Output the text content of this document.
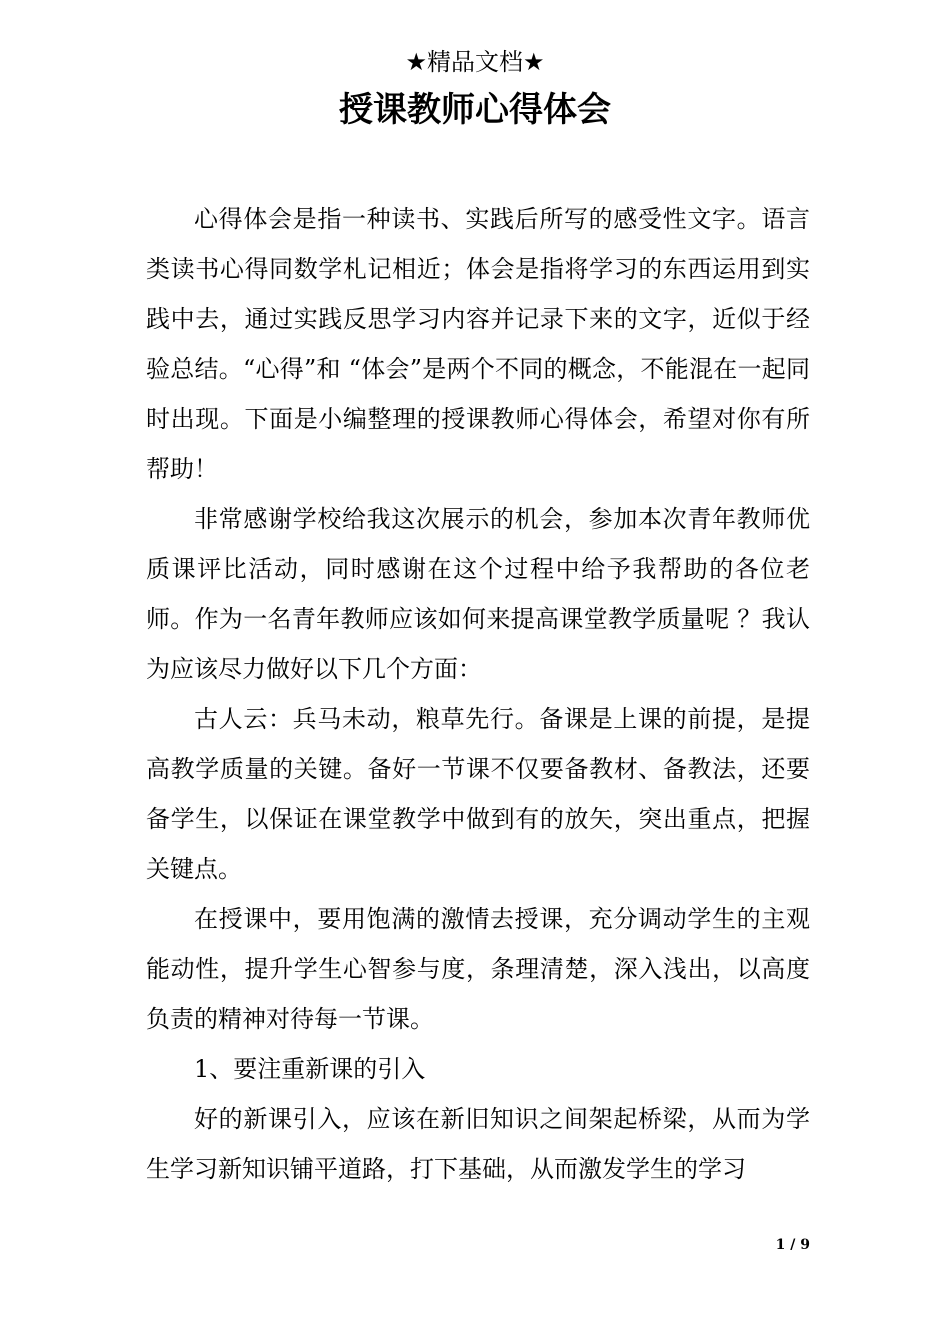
★精品文档★
授课教师心得体会

心得体会是指一种读书、实践后所写的感受性文字。语言类读书心得同数学札记相近；体会是指将学习的东西运用到实践中去，通过实践反思学习内容并记录下来的文字，近似于经验总结。“心得”和 “体会”是两个不同的概念，不能混在一起同时出现。下面是小编整理的授课教师心得体会，希望对你有所帮助！

非常感谢学校给我这次展示的机会，参加本次青年教师优质课评比活动，同时感谢在这个过程中给予我帮助的各位老师。作为一名青年教师应该如何来提高课堂教学质量呢 ？我认为应该尽力做好以下几个方面：

古人云：兵马未动，粮草先行。备课是上课的前提，是提高教学质量的关键。备好一节课不仅要备教材、备教法，还要备学生，以保证在课堂教学中做到有的放矢，突出重点，把握关键点。

在授课中，要用饱满的激情去授课，充分调动学生的主观能动性，提升学生心智参与度，条理清楚，深入浅出，以高度负责的精神对待每一节课。

1、要注重新课的引入

好的新课引入，应该在新旧知识之间架起桥梁，从而为学生学习新知识铺平道路，打下基础，从而激发学生的学习

1 / 9
